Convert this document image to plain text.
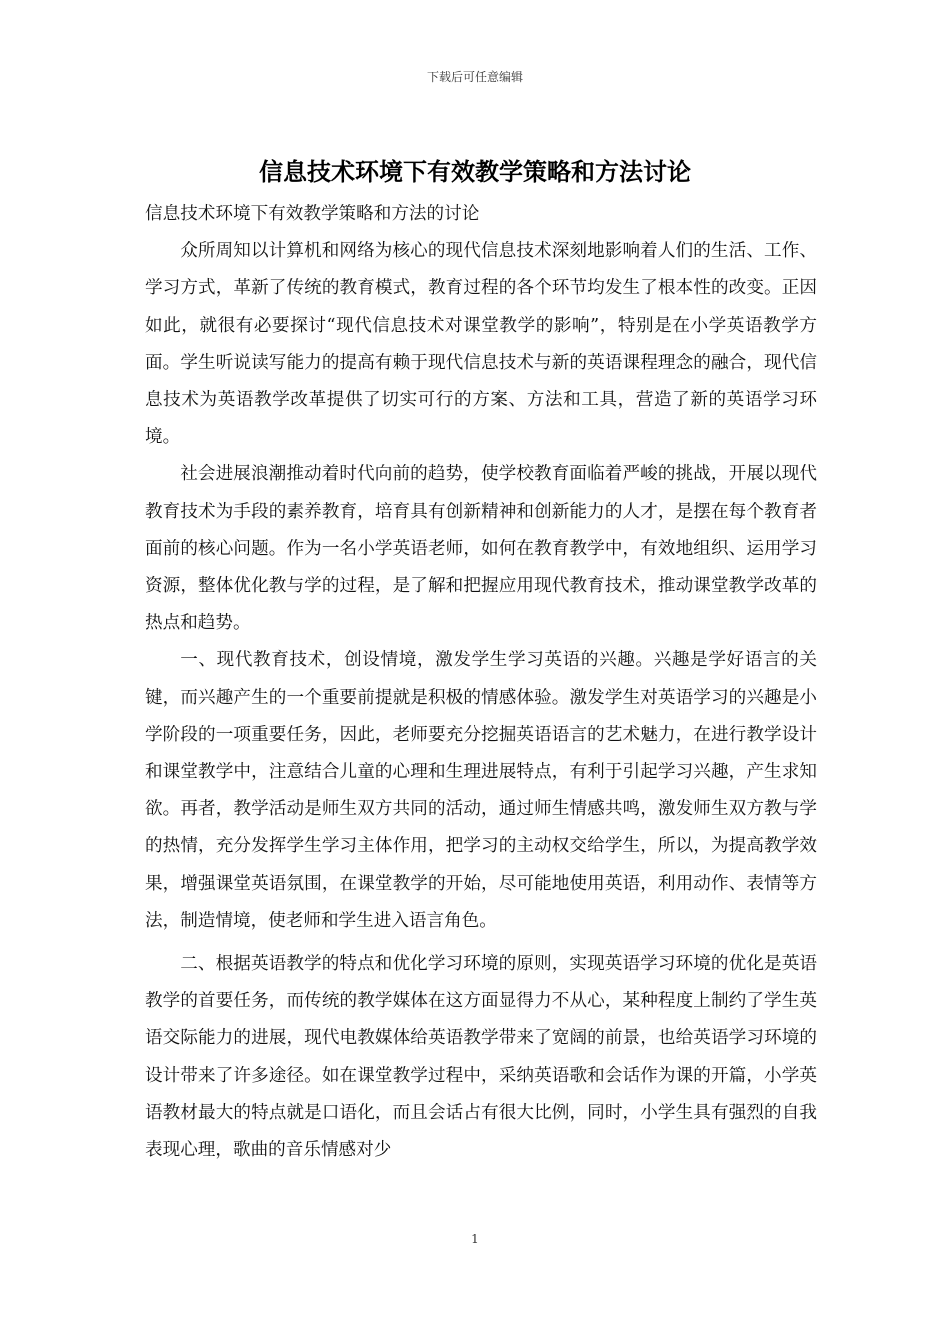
下载后可任意编辑
信息技术环境下有效教学策略和方法讨论

信息技术环境下有效教学策略和方法的讨论

众所周知以计算机和网络为核心的现代信息技术深刻地影响着人们的生活、工作、学习方式，革新了传统的教育模式，教育过程的各个环节均发生了根本性的改变。正因如此，就很有必要探讨“现代信息技术对课堂教学的影响”，特别是在小学英语教学方面。学生听说读写能力的提高有赖于现代信息技术与新的英语课程理念的融合，现代信息技术为英语教学改革提供了切实可行的方案、方法和工具，营造了新的英语学习环境。

社会进展浪潮推动着时代向前的趋势，使学校教育面临着严峻的挑战，开展以现代教育技术为手段的素养教育，培育具有创新精神和创新能力的人才，是摆在每个教育者面前的核心问题。作为一名小学英语老师，如何在教育教学中，有效地组织、运用学习资源，整体优化教与学的过程，是了解和把握应用现代教育技术，推动课堂教学改革的热点和趋势。

一、现代教育技术，创设情境，激发学生学习英语的兴趣。兴趣是学好语言的关键，而兴趣产生的一个重要前提就是积极的情感体验。激发学生对英语学习的兴趣是小学阶段的一项重要任务，因此，老师要充分挖掘英语语言的艺术魅力，在进行教学设计和课堂教学中，注意结合儿童的心理和生理进展特点，有利于引起学习兴趣，产生求知欲。再者，教学活动是师生双方共同的活动，通过师生情感共鸣，激发师生双方教与学的热情，充分发挥学生学习主体作用，把学习的主动权交给学生，所以，为提高教学效果，增强课堂英语氛围，在课堂教学的开始，尽可能地使用英语，利用动作、表情等方法，制造情境，使老师和学生进入语言角色。

二、根据英语教学的特点和优化学习环境的原则，实现英语学习环境的优化是英语教学的首要任务，而传统的教学媒体在这方面显得力不从心，某种程度上制约了学生英语交际能力的进展，现代电教媒体给英语教学带来了宽阔的前景，也给英语学习环境的设计带来了许多途径。如在课堂教学过程中，采纳英语歌和会话作为课的开篇，小学英语教材最大的特点就是口语化，而且会话占有很大比例，同时，小学生具有强烈的自我表现心理，歌曲的音乐情感对少

1
